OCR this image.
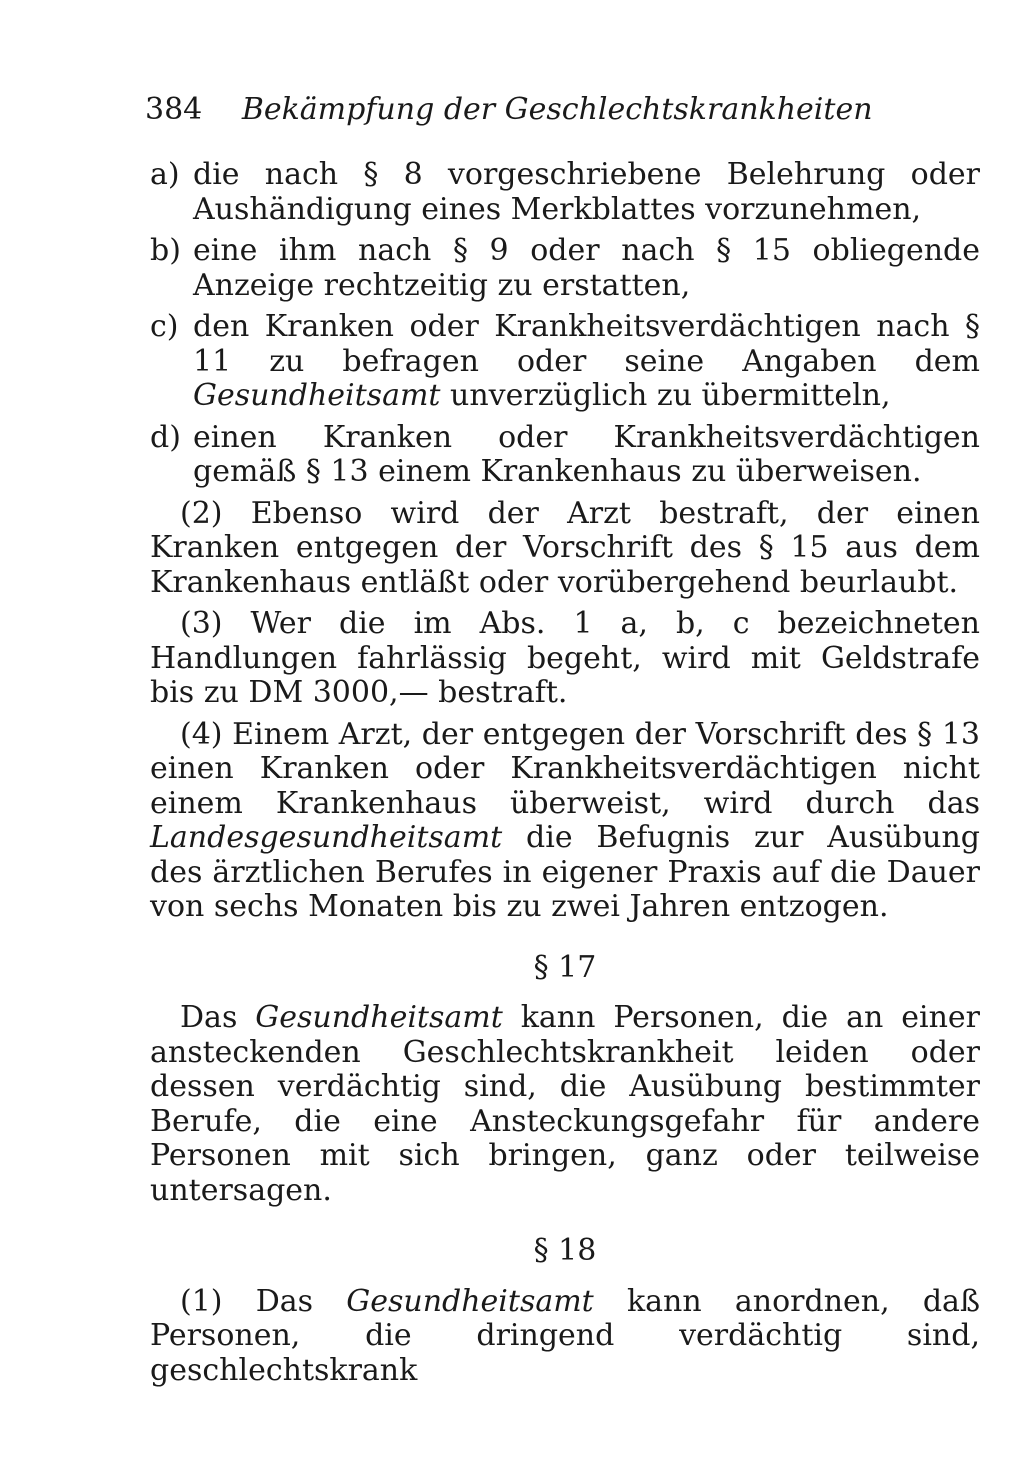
384 Bekämpfung der Geschlechtskrankheiten
a) die nach § 8 vorgeschriebene Belehrung oder Aushändigung eines Merkblattes vorzunehmen,
b) eine ihm nach § 9 oder nach § 15 obliegende Anzeige rechtzeitig zu erstatten,
c) den Kranken oder Krankheitsverdächtigen nach § 11 zu befragen oder seine Angaben dem Gesundheitsamt unverzüglich zu übermitteln,
d) einen Kranken oder Krankheitsverdächtigen gemäß § 13 einem Krankenhaus zu überweisen.

(2) Ebenso wird der Arzt bestraft, der einen Kranken entgegen der Vorschrift des § 15 aus dem Krankenhaus entläßt oder vorübergehend beurlaubt.

(3) Wer die im Abs. 1 a, b, c bezeichneten Handlungen fahrlässig begeht, wird mit Geldstrafe bis zu DM 3000,— bestraft.

(4) Einem Arzt, der entgegen der Vorschrift des § 13 einen Kranken oder Krankheitsverdächtigen nicht einem Krankenhaus überweist, wird durch das Landesgesundheitsamt die Befugnis zur Ausübung des ärztlichen Berufes in eigener Praxis auf die Dauer von sechs Monaten bis zu zwei Jahren entzogen.

§ 17

Das Gesundheitsamt kann Personen, die an einer ansteckenden Geschlechtskrankheit leiden oder dessen verdächtig sind, die Ausübung bestimmter Berufe, die eine Ansteckungsgefahr für andere Personen mit sich bringen, ganz oder teilweise untersagen.

§ 18

(1) Das Gesundheitsamt kann anordnen, daß Personen, die dringend verdächtig sind, geschlechtskrank
